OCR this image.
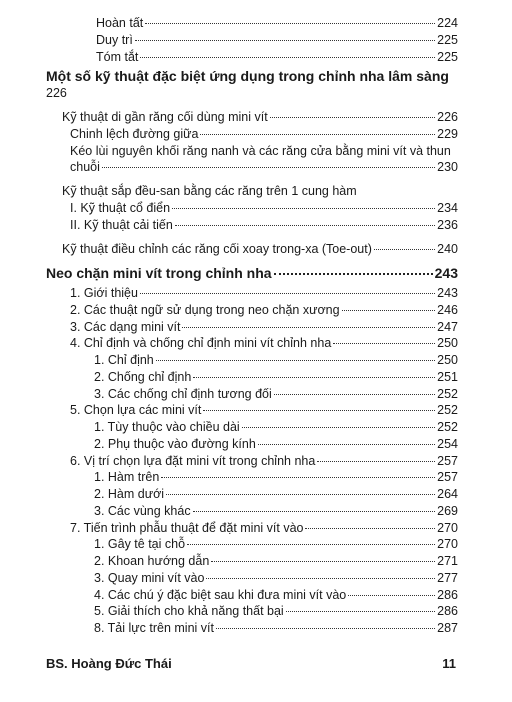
Hoàn tất	224
Duy trì	225
Tóm tắt	225
Một số kỹ thuật đặc biệt ứng dụng trong chỉnh nha lâm sàng
226
Kỹ thuật di gần răng cối dùng mini vít	226
Chinh lệch đường giữa	229
Kéo lùi nguyên khối răng nanh và các răng cửa bằng mini vít và thun
chuỗi	230
Kỹ thuật sắp đều-san bằng các răng trên 1 cung hàm
I. Kỹ thuật cổ điển	234
II. Kỹ thuật cải tiến	236
Kỹ thuật điều chỉnh các răng cối xoay trong-xa (Toe-out)	240
Neo chặn mini vít trong chỉnh nha	243
1. Giới thiệu	243
2. Các thuật ngữ sử dụng trong neo chặn xương	246
3. Các dạng mini vít	247
4. Chỉ định và chống chỉ định mini vít chỉnh nha	250
1. Chỉ định	250
2. Chống chỉ định	251
3. Các chống chỉ định tương đối	252
5. Chọn lựa các mini vít	252
1. Tùy thuộc vào chiều dài	252
2. Phụ thuộc vào đường kính	254
6. Vị trí chọn lựa đặt mini vít trong chỉnh nha	257
1. Hàm trên	257
2. Hàm dưới	264
3. Các vùng khác	269
7. Tiến trình phẫu thuật để đặt mini vít vào	270
1. Gây tê tại chỗ	270
2. Khoan hướng dẫn	271
3. Quay mini vít vào	277
4. Các chú ý đặc biệt sau khi đưa mini vít vào	286
5. Giải thích cho khả năng thất bại	286
8. Tải lực trên mini vít	287
BS. Hoàng Đức Thái	11
